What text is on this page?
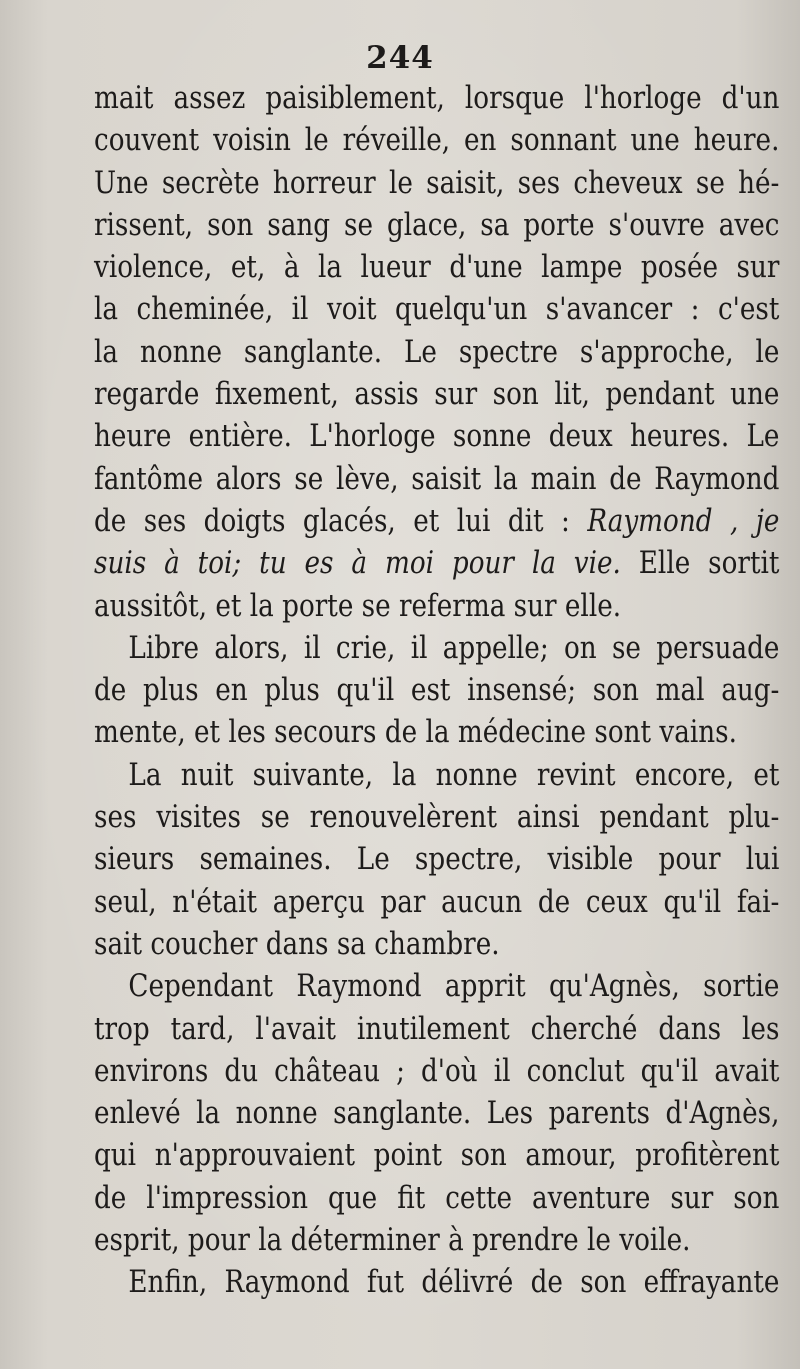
244
mait assez paisiblement, lorsque l'horloge d'un
couvent voisin le réveille, en sonnant une heure.
Une secrète horreur le saisit, ses cheveux se hé-
rissent, son sang se glace, sa porte s'ouvre avec
violence, et, à la lueur d'une lampe posée sur
la cheminée, il voit quelqu'un s'avancer : c'est
la nonne sanglante. Le spectre s'approche, le
regarde fixement, assis sur son lit, pendant une
heure entière. L'horloge sonne deux heures. Le
fantôme alors se lève, saisit la main de Raymond
de ses doigts glacés, et lui dit : Raymond , je
suis à toi; tu es à moi pour la vie. Elle sortit
aussitôt, et la porte se referma sur elle.
Libre alors, il crie, il appelle; on se persuade
de plus en plus qu'il est insensé; son mal aug-
mente, et les secours de la médecine sont vains.
La nuit suivante, la nonne revint encore, et
ses visites se renouvelèrent ainsi pendant plu-
sieurs semaines. Le spectre, visible pour lui
seul, n'était aperçu par aucun de ceux qu'il fai-
sait coucher dans sa chambre.
Cependant Raymond apprit qu'Agnès, sortie
trop tard, l'avait inutilement cherché dans les
environs du château ; d'où il conclut qu'il avait
enlevé la nonne sanglante. Les parents d'Agnès,
qui n'approuvaient point son amour, profitèrent
de l'impression que fit cette aventure sur son
esprit, pour la déterminer à prendre le voile.
Enfin, Raymond fut délivré de son effrayante
